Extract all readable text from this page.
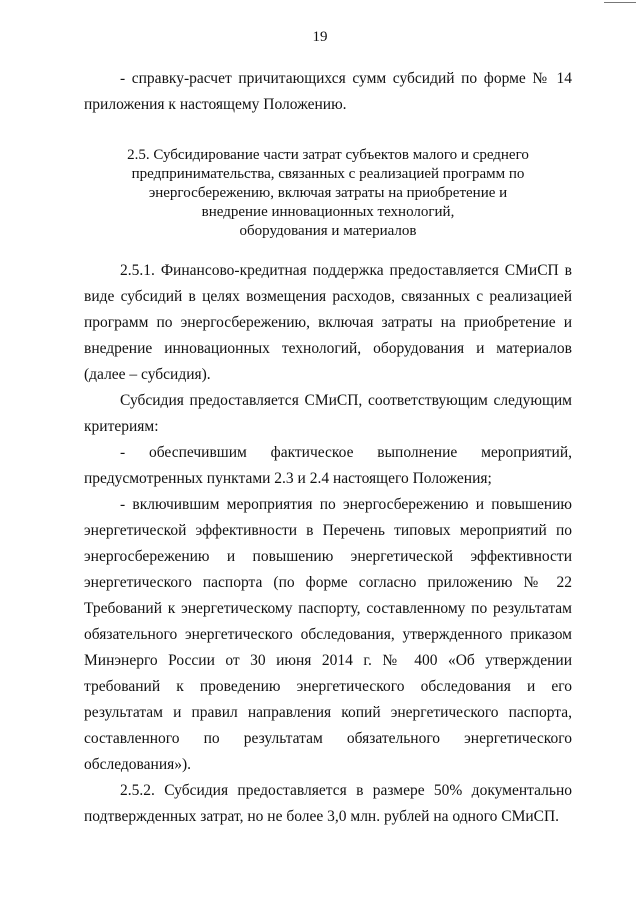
19
- справку-расчет причитающихся сумм субсидий по форме № 14
приложения к настоящему Положению.
2.5. Субсидирование части затрат субъектов малого и среднего
предпринимательства, связанных с реализацией программ по
энергосбережению, включая затраты на приобретение и
внедрение инновационных технологий,
оборудования и материалов

2.5.1. Финансово-кредитная поддержка предоставляется СМиСП в виде субсидий в целях возмещения расходов, связанных с реализацией программ по энергосбережению, включая затраты на приобретение и внедрение инновационных технологий, оборудования и материалов (далее – субсидия).

Субсидия предоставляется СМиСП, соответствующим следующим критериям:

- обеспечившим фактическое выполнение мероприятий, предусмотренных пунктами 2.3 и 2.4 настоящего Положения;

- включившим мероприятия по энергосбережению и повышению энергетической эффективности в Перечень типовых мероприятий по энергосбережению и повышению энергетической эффективности энергетического паспорта (по форме согласно приложению № 22 Требований к энергетическому паспорту, составленному по результатам обязательного энергетического обследования, утвержденного приказом Минэнерго России от 30 июня 2014 г. № 400 «Об утверждении требований к проведению энергетического обследования и его результатам и правил направления копий энергетического паспорта, составленного по результатам обязательного энергетического обследования»).

2.5.2. Субсидия предоставляется в размере 50% документально подтвержденных затрат, но не более 3,0 млн. рублей на одного СМиСП.
